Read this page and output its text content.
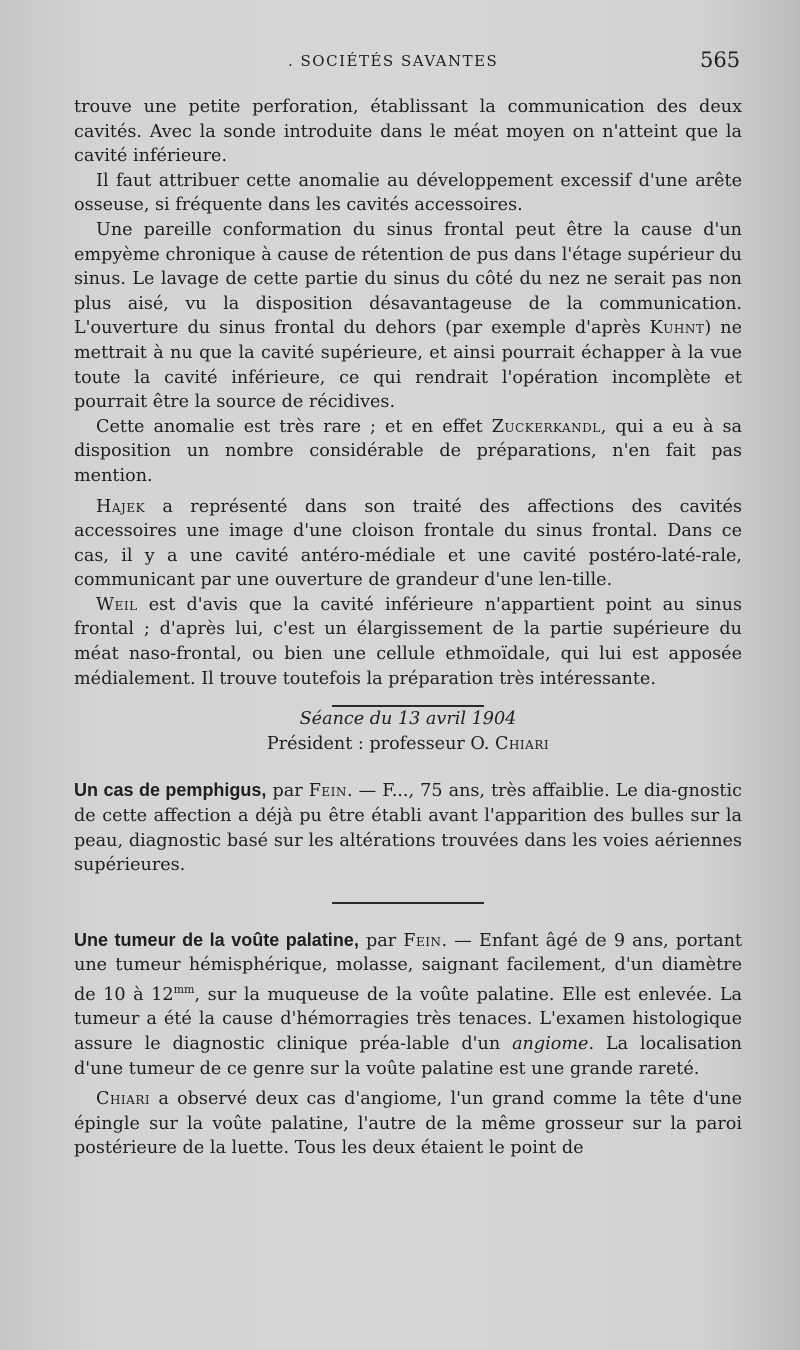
. SOCIÉTÉS SAVANTES	565

trouve une petite perforation, établissant la communication des deux cavités. Avec la sonde introduite dans le méat moyen on n'atteint que la cavité inférieure.

Il faut attribuer cette anomalie au développement excessif d'une arête osseuse, si fréquente dans les cavités accessoires.

Une pareille conformation du sinus frontal peut être la cause d'un empyème chronique à cause de rétention de pus dans l'étage supérieur du sinus. Le lavage de cette partie du sinus du côté du nez ne serait pas non plus aisé, vu la disposition désavantageuse de la communication. L'ouverture du sinus frontal du dehors (par exemple d'après Kuhnt) ne mettrait à nu que la cavité supérieure, et ainsi pourrait échapper à la vue toute la cavité inférieure, ce qui rendrait l'opération incomplète et pourrait être la source de récidives.

Cette anomalie est très rare ; et en effet Zuckerkandl, qui a eu à sa disposition un nombre considérable de préparations, n'en fait pas mention.

Hajek a représenté dans son traité des affections des cavités accessoires une image d'une cloison frontale du sinus frontal. Dans ce cas, il y a une cavité antéro-médiale et une cavité postéro-laté-rale, communicant par une ouverture de grandeur d'une len-tille.

Weil est d'avis que la cavité inférieure n'appartient point au sinus frontal ; d'après lui, c'est un élargissement de la partie supérieure du méat naso-frontal, ou bien une cellule ethmoïdale, qui lui est apposée médialement. Il trouve toutefois la préparation très intéressante.

Séance du 13 avril 1904

Président : professeur O. Chiari

Un cas de pemphigus, par Fein. — F..., 75 ans, très affaiblie. Le dia-gnostic de cette affection a déjà pu être établi avant l'apparition des bulles sur la peau, diagnostic basé sur les altérations trouvées dans les voies aériennes supérieures.

Une tumeur de la voûte palatine, par Fein. — Enfant âgé de 9 ans, portant une tumeur hémisphérique, molasse, saignant facilement, d'un diamètre de 10 à $12^{mm}$, sur la muqueuse de la voûte palatine. Elle est enlevée. La tumeur a été la cause d'hémorragies très tenaces. L'examen histologique assure le diagnostic clinique préa-lable d'un angiome. La localisation d'une tumeur de ce genre sur la voûte palatine est une grande rareté.

Chiari a observé deux cas d'angiome, l'un grand comme la tête d'une épingle sur la voûte palatine, l'autre de la même grosseur sur la paroi postérieure de la luette. Tous les deux étaient le point de
